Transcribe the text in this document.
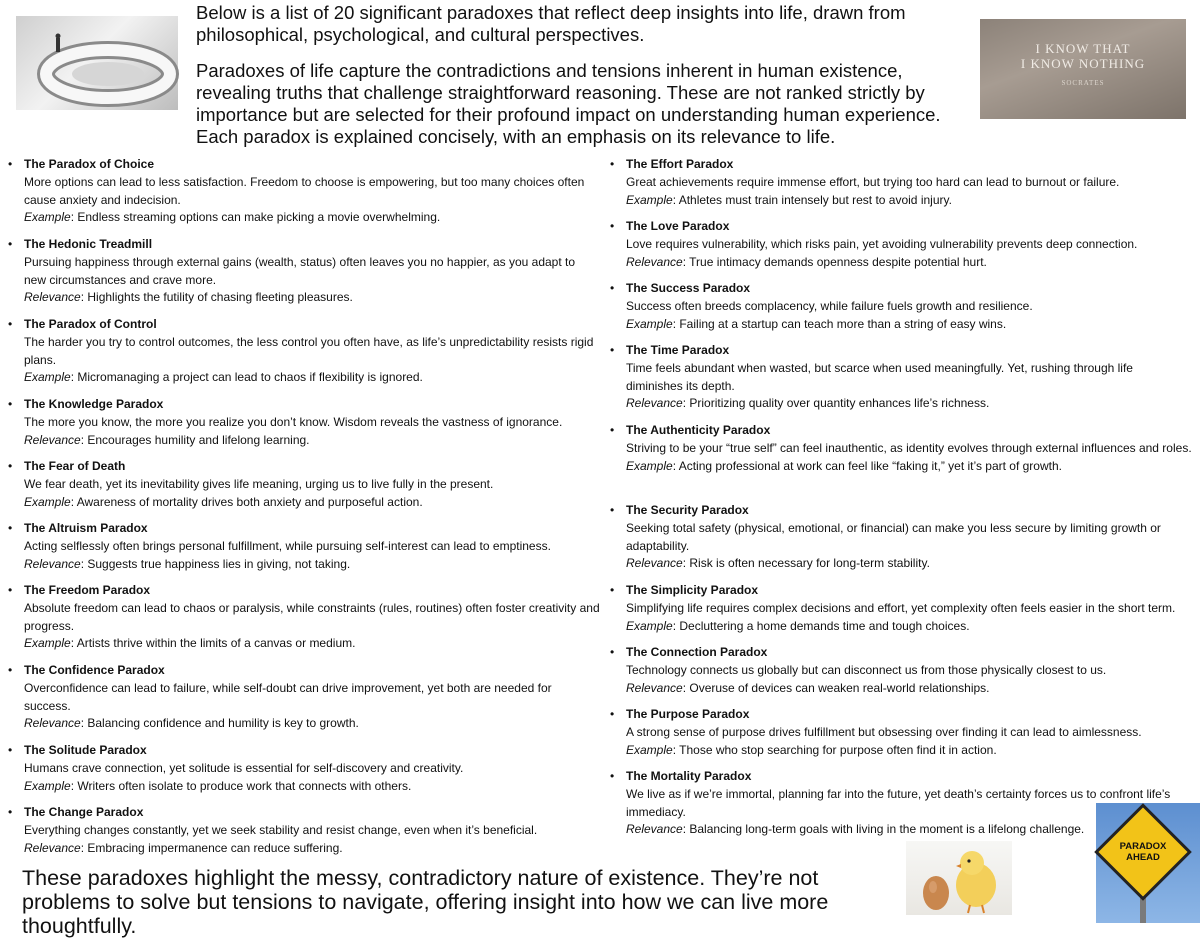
Below is a list of 20 significant paradoxes that reflect deep insights into life, drawn from philosophical, psychological, and cultural perspectives.

Paradoxes of life capture the contradictions and tensions inherent in human existence, revealing truths that challenge straightforward reasoning. These are not ranked strictly by importance but are selected for their profound impact on understanding human experience. Each paradox is explained concisely, with an emphasis on its relevance to life.

I KNOW THAT
I KNOW NOTHING
SOCRATES
• The Paradox of Choice
More options can lead to less satisfaction. Freedom to choose is empowering, but too many choices often cause anxiety and indecision.
Example: Endless streaming options can make picking a movie overwhelming.
• The Hedonic Treadmill
Pursuing happiness through external gains (wealth, status) often leaves you no happier, as you adapt to new circumstances and crave more.
Relevance: Highlights the futility of chasing fleeting pleasures.
• The Paradox of Control
The harder you try to control outcomes, the less control you often have, as life’s unpredictability resists rigid plans.
Example: Micromanaging a project can lead to chaos if flexibility is ignored.
• The Knowledge Paradox
The more you know, the more you realize you don’t know. Wisdom reveals the vastness of ignorance.
Relevance: Encourages humility and lifelong learning.
• The Fear of Death
We fear death, yet its inevitability gives life meaning, urging us to live fully in the present.
Example: Awareness of mortality drives both anxiety and purposeful action.
• The Altruism Paradox
Acting selflessly often brings personal fulfillment, while pursuing self-interest can lead to emptiness.
Relevance: Suggests true happiness lies in giving, not taking.
• The Freedom Paradox
Absolute freedom can lead to chaos or paralysis, while constraints (rules, routines) often foster creativity and progress.
Example: Artists thrive within the limits of a canvas or medium.
• The Confidence Paradox
Overconfidence can lead to failure, while self-doubt can drive improvement, yet both are needed for success.
Relevance: Balancing confidence and humility is key to growth.
• The Solitude Paradox
Humans crave connection, yet solitude is essential for self-discovery and creativity.
Example: Writers often isolate to produce work that connects with others.
• The Change Paradox
Everything changes constantly, yet we seek stability and resist change, even when it’s beneficial.
Relevance: Embracing impermanence can reduce suffering.
• The Effort Paradox
Great achievements require immense effort, but trying too hard can lead to burnout or failure.
Example: Athletes must train intensely but rest to avoid injury.
• The Love Paradox
Love requires vulnerability, which risks pain, yet avoiding vulnerability prevents deep connection.
Relevance: True intimacy demands openness despite potential hurt.
• The Success Paradox
Success often breeds complacency, while failure fuels growth and resilience.
Example: Failing at a startup can teach more than a string of easy wins.
• The Time Paradox
Time feels abundant when wasted, but scarce when used meaningfully. Yet, rushing through life diminishes its depth.
Relevance: Prioritizing quality over quantity enhances life’s richness.
• The Authenticity Paradox
Striving to be your “true self” can feel inauthentic, as identity evolves through external influences and roles.
Example: Acting professional at work can feel like “faking it,” yet it’s part of growth.
• The Security Paradox
Seeking total safety (physical, emotional, or financial) can make you less secure by limiting growth or adaptability.
Relevance: Risk is often necessary for long-term stability.
• The Simplicity Paradox
Simplifying life requires complex decisions and effort, yet complexity often feels easier in the short term.
Example: Decluttering a home demands time and tough choices.
• The Connection Paradox
Technology connects us globally but can disconnect us from those physically closest to us.
Relevance: Overuse of devices can weaken real-world relationships.
• The Purpose Paradox
A strong sense of purpose drives fulfillment but obsessing over finding it can lead to aimlessness.
Example: Those who stop searching for purpose often find it in action.
• The Mortality Paradox
We live as if we’re immortal, planning far into the future, yet death’s certainty forces us to confront life’s immediacy.
Relevance: Balancing long-term goals with living in the moment is a lifelong challenge.
These paradoxes highlight the messy, contradictory nature of existence. They’re not problems to solve but tensions to navigate, offering insight into how we can live more thoughtfully.
PARADOX
AHEAD
